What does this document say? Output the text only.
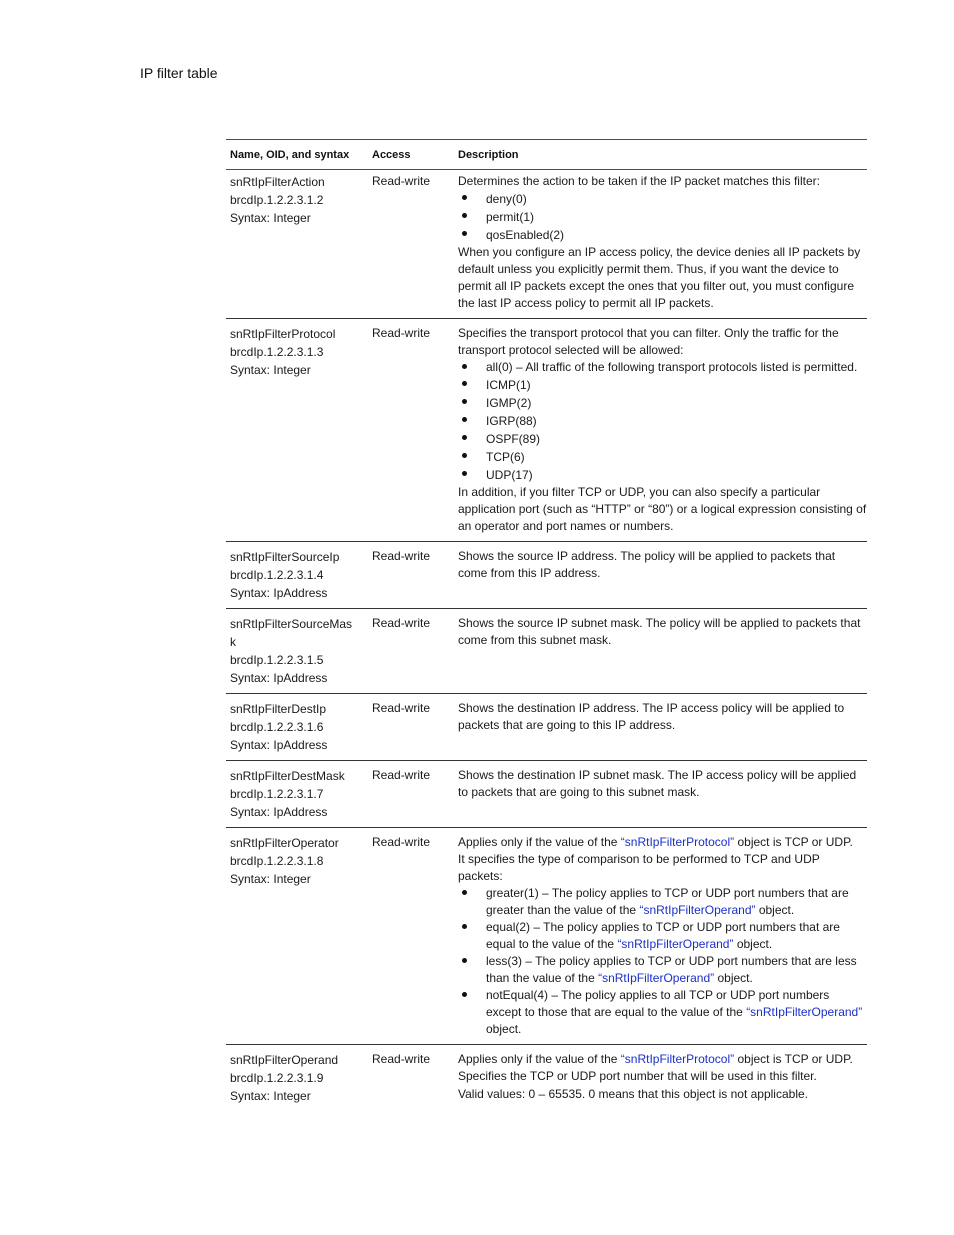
IP filter table
Name, OID, and syntax	Access	Description
snRtIpFilterAction
brcdIp.1.2.2.3.1.2
Syntax: Integer
Read-write	Determines the action to be taken if the IP packet matches this filter:

deny(0)
permit(1)
qosEnabled(2)

When you configure an IP access policy, the device denies all IP packets by default unless you explicitly permit them. Thus, if you want the device to permit all IP packets except the ones that you filter out, you must configure the last IP access policy to permit all IP packets.

snRtIpFilterProtocol
brcdIp.1.2.2.3.1.3
Syntax: Integer
Read-write	Specifies the transport protocol that you can filter. Only the traffic for the transport protocol selected will be allowed:

all(0) – All traffic of the following transport protocols listed is permitted.
ICMP(1)
IGMP(2)
IGRP(88)
OSPF(89)
TCP(6)
UDP(17)

In addition, if you filter TCP or UDP, you can also specify a particular application port (such as “HTTP” or “80”) or a logical expression consisting of an operator and port names or numbers.

snRtIpFilterSourceIp
brcdIp.1.2.2.3.1.4
Syntax: IpAddress
Read-write	Shows the source IP address. The policy will be applied to packets that come from this IP address.

snRtIpFilterSourceMas
k
brcdIp.1.2.2.3.1.5
Syntax: IpAddress
Read-write	Shows the source IP subnet mask. The policy will be applied to packets that come from this subnet mask.

snRtIpFilterDestIp
brcdIp.1.2.2.3.1.6
Syntax: IpAddress
Read-write	Shows the destination IP address. The IP access policy will be applied to packets that are going to this IP address.

snRtIpFilterDestMask
brcdIp.1.2.2.3.1.7
Syntax: IpAddress
Read-write	Shows the destination IP subnet mask. The IP access policy will be applied to packets that are going to this subnet mask.

snRtIpFilterOperator
brcdIp.1.2.2.3.1.8
Syntax: Integer
Read-write	Applies only if the value of the “snRtIpFilterProtocol” object is TCP or UDP.

It specifies the type of comparison to be performed to TCP and UDP packets:

greater(1) – The policy applies to TCP or UDP port numbers that are greater than the value of the “snRtIpFilterOperand” object.
equal(2) – The policy applies to TCP or UDP port numbers that are equal to the value of the “snRtIpFilterOperand” object.
less(3) – The policy applies to TCP or UDP port numbers that are less than the value of the “snRtIpFilterOperand” object.
notEqual(4) – The policy applies to all TCP or UDP port numbers except to those that are equal to the value of the “snRtIpFilterOperand” object.
snRtIpFilterOperand
brcdIp.1.2.2.3.1.9
Syntax: Integer
Read-write	Applies only if the value of the “snRtIpFilterProtocol” object is TCP or UDP.

Specifies the TCP or UDP port number that will be used in this filter.

Valid values: 0 – 65535. 0 means that this object is not applicable.
